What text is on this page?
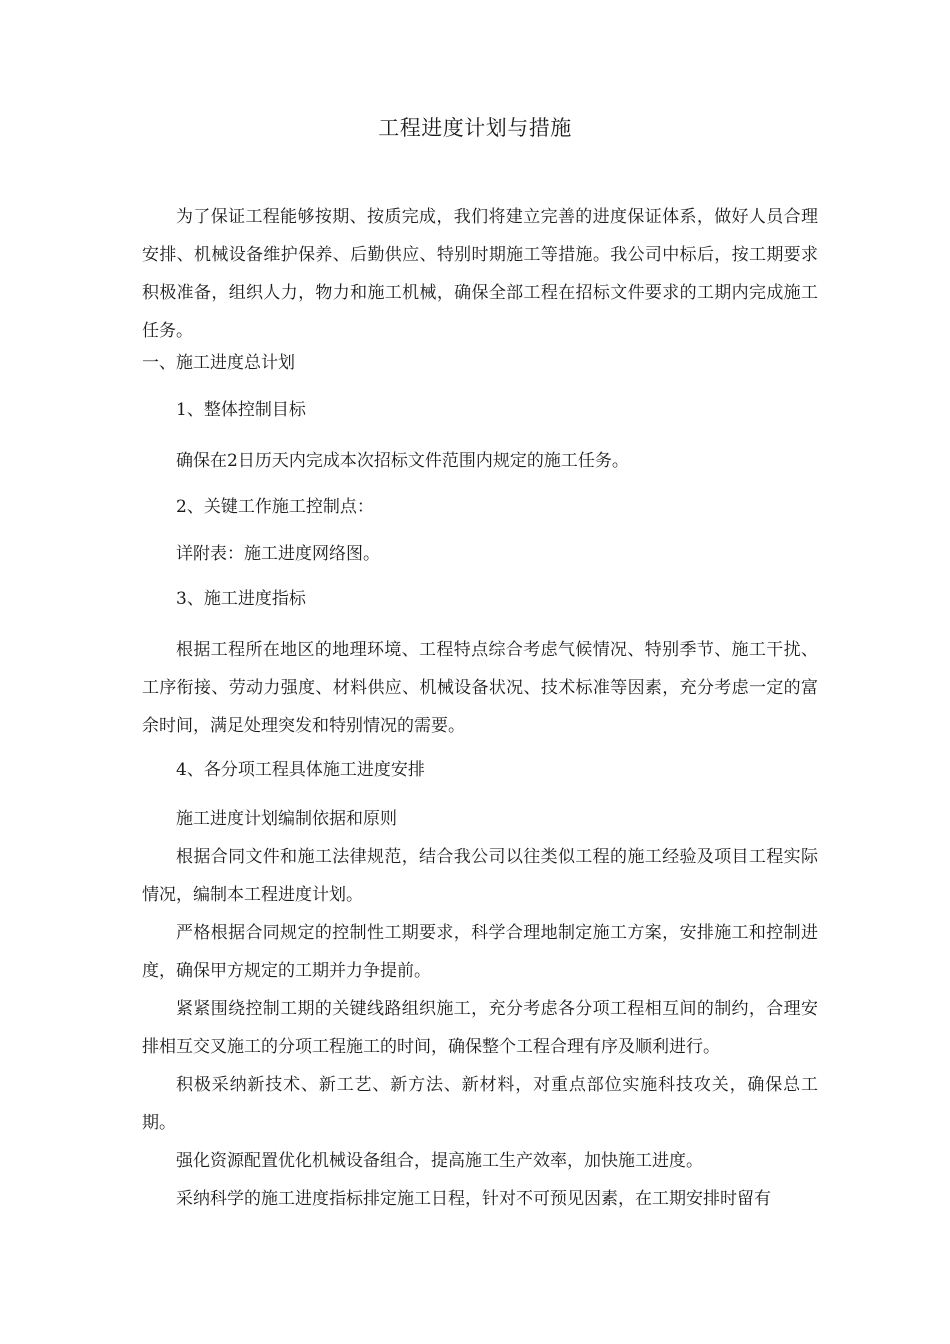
工程进度计划与措施

为了保证工程能够按期、按质完成，我们将建立完善的进度保证体系，做好人员合理安排、机械设备维护保养、后勤供应、特别时期施工等措施。我公司中标后，按工期要求积极准备，组织人力，物力和施工机械，确保全部工程在招标文件要求的工期内完成施工任务。

一、施工进度总计划

1、整体控制目标

确保在2日历天内完成本次招标文件范围内规定的施工任务。

2、关键工作施工控制点：

详附表：施工进度网络图。

3、施工进度指标

根据工程所在地区的地理环境、工程特点综合考虑气候情况、特别季节、施工干扰、工序衔接、劳动力强度、材料供应、机械设备状况、技术标准等因素，充分考虑一定的富余时间，满足处理突发和特别情况的需要。

4、各分项工程具体施工进度安排

施工进度计划编制依据和原则

根据合同文件和施工法律规范，结合我公司以往类似工程的施工经验及项目工程实际情况，编制本工程进度计划。

严格根据合同规定的控制性工期要求，科学合理地制定施工方案，安排施工和控制进度，确保甲方规定的工期并力争提前。

紧紧围绕控制工期的关键线路组织施工，充分考虑各分项工程相互间的制约，合理安排相互交叉施工的分项工程施工的时间，确保整个工程合理有序及顺利进行。

积极采纳新技术、新工艺、新方法、新材料，对重点部位实施科技攻关，确保总工期。

强化资源配置优化机械设备组合，提高施工生产效率，加快施工进度。

采纳科学的施工进度指标排定施工日程，针对不可预见因素，在工期安排时留有
